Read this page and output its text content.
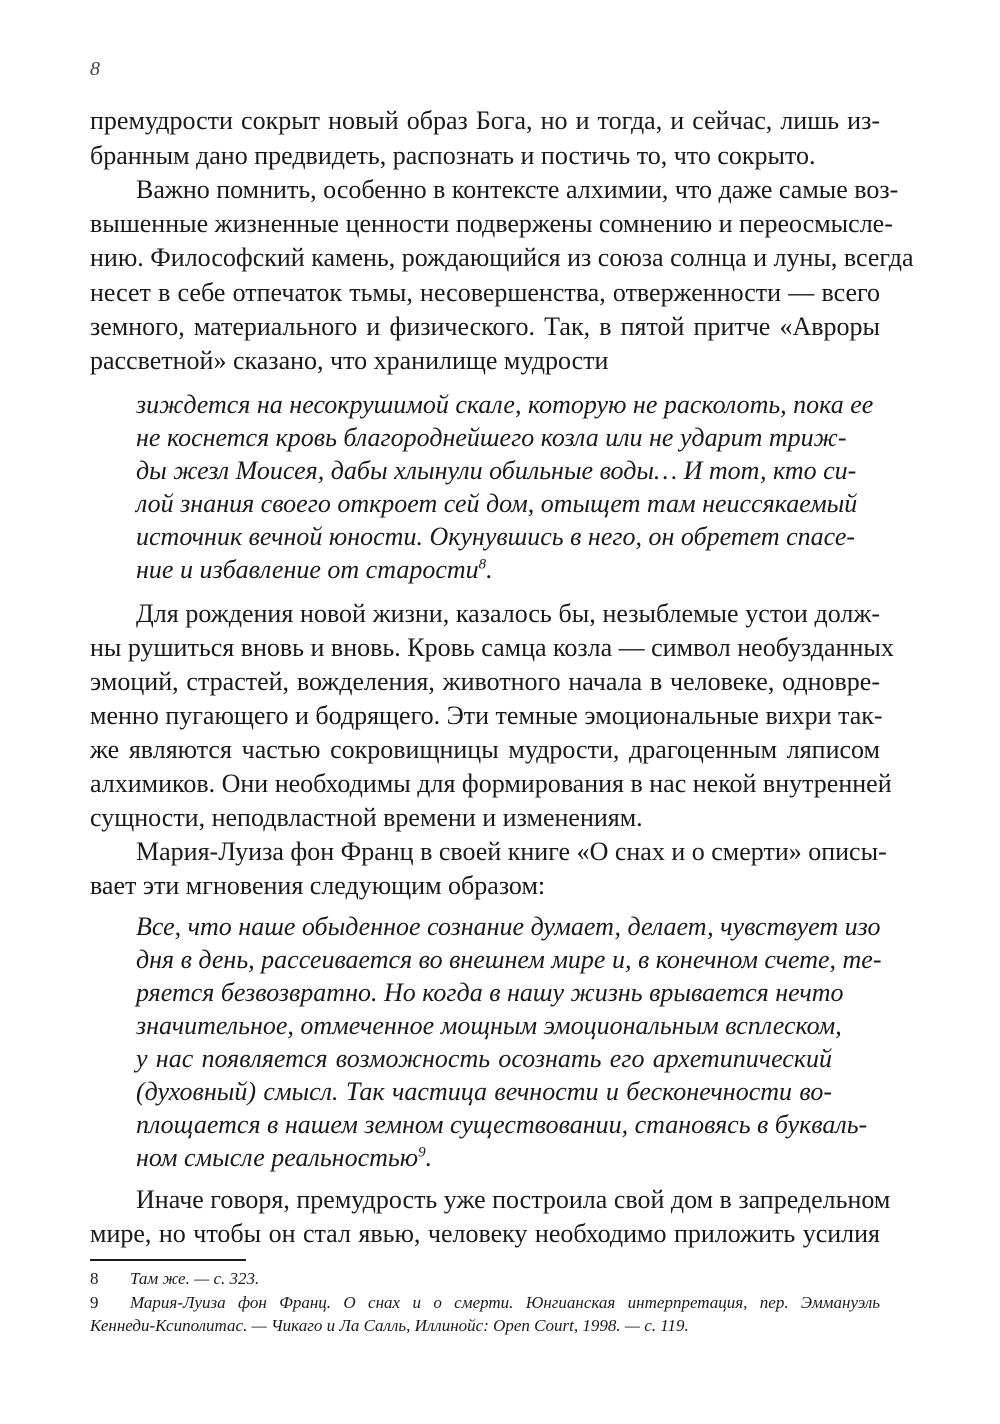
8
премудрости сокрыт новый образ Бога, но и тогда, и сейчас, лишь из-
бранным дано предвидеть, распознать и постичь то, что сокрыто.
Важно помнить, особенно в контексте алхимии, что даже самые воз-
вышенные жизненные ценности подвержены сомнению и переосмысле-
нию. Философский камень, рождающийся из союза солнца и луны, всегда
несет в себе отпечаток тьмы, несовершенства, отверженности — всего
земного, материального и физического. Так, в пятой притче «Авроры
рассветной» сказано, что хранилище мудрости
зиждется на несокрушимой скале, которую не расколоть, пока ее
не коснется кровь благороднейшего козла или не ударит триж-
ды жезл Моисея, дабы хлынули обильные воды… И тот, кто си-
лой знания своего откроет сей дом, отыщет там неиссякаемый
источник вечной юности. Окунувшись в него, он обретет спасе-
ние и избавление от старости$^8$.
Для рождения новой жизни, казалось бы, незыблемые устои долж-
ны рушиться вновь и вновь. Кровь самца козла — символ необузданных
эмоций, страстей, вожделения, животного начала в человеке, одновре-
менно пугающего и бодрящего. Эти темные эмоциональные вихри так-
же являются частью сокровищницы мудрости, драгоценным ляписом
алхимиков. Они необходимы для формирования в нас некой внутренней
сущности, неподвластной времени и изменениям.
Мария-Луиза фон Франц в своей книге «О снах и о смерти» описы-
вает эти мгновения следующим образом:
Все, что наше обыденное сознание думает, делает, чувствует изо
дня в день, рассеивается во внешнем мире и, в конечном счете, те-
ряется безвозвратно. Но когда в нашу жизнь врывается нечто
значительное, отмеченное мощным эмоциональным всплеском,
у нас появляется возможность осознать его архетипический
(духовный) смысл. Так частица вечности и бесконечности во-
площается в нашем земном существовании, становясь в букваль-
ном смысле реальностью$^9$.
Иначе говоря, премудрость уже построила свой дом в запредельном
мире, но чтобы он стал явью, человеку необходимо приложить усилия
8 Там же. — с. 323.
9 Мария-Луиза фон Франц. О снах и о смерти. Юнгианская интерпретация, пер. Эммануэль
Кеннеди-Ксиполитас. — Чикаго и Ла Салль, Иллинойс: Open Court, 1998. — с. 119.
